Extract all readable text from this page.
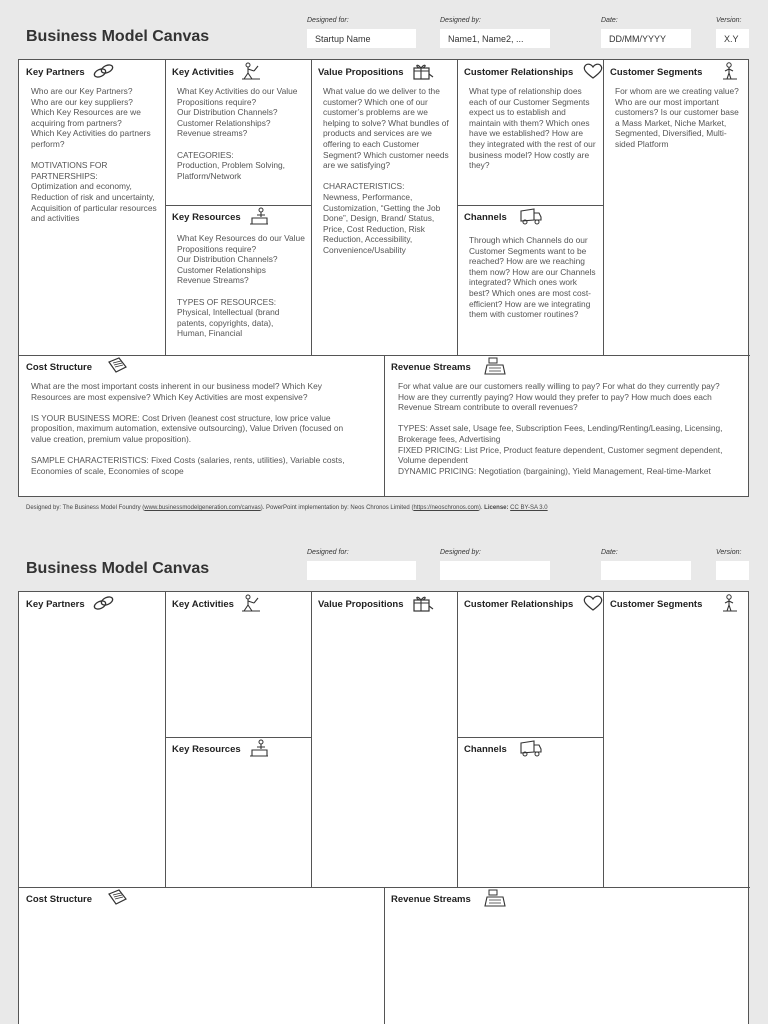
Business Model Canvas
Designed for:
Startup Name
Designed by:
Name1, Name2, ...
Date:
DD/MM/YYYY
Version:
X.Y
Key Partners
Who are our Key Partners?
Who are our key suppliers?
Which Key Resources are we acquiring from partners?
Which Key Activities do partners perform?

MOTIVATIONS FOR PARTNERSHIPS:
Optimization and economy, Reduction of risk and uncertainty, Acquisition of particular resources and activities
Key Activities
What Key Activities do our Value Propositions require?
Our Distribution Channels?
Customer Relationships?
Revenue streams?

CATEGORIES:
Production, Problem Solving, Platform/Network
Key Resources
What Key Resources do our Value Propositions require?
Our Distribution Channels?
Customer Relationships
Revenue Streams?

TYPES OF RESOURCES:
Physical, Intellectual (brand patents, copyrights, data), Human, Financial
Value Propositions
What value do we deliver to the customer? Which one of our customer’s problems are we helping to solve? What bundles of products and services are we offering to each Customer Segment? Which customer needs are we satisfying?

CHARACTERISTICS:
Newness, Performance, Customization, “Getting the Job Done”, Design, Brand/ Status, Price, Cost Reduction, Risk Reduction, Accessibility, Convenience/Usability
Customer Relationships
What type of relationship does each of our Customer Segments expect us to establish and maintain with them? Which ones have we established? How are they integrated with the rest of our business model? How costly are they?
Channels
Through which Channels do our Customer Segments want to be reached? How are we reaching them now? How are our Channels integrated? Which ones work best? Which ones are most cost-efficient? How are we integrating them with customer routines?
Customer Segments
For whom are we creating value? Who are our most important customers? Is our customer base a Mass Market, Niche Market, Segmented, Diversified, Multi-sided Platform
Cost Structure
What are the most important costs inherent in our business model? Which Key Resources are most expensive? Which Key Activities are most expensive?

IS YOUR BUSINESS MORE: Cost Driven (leanest cost structure, low price value proposition, maximum automation, extensive outsourcing), Value Driven (focused on value creation, premium value proposition).

SAMPLE CHARACTERISTICS: Fixed Costs (salaries, rents, utilities), Variable costs, Economies of scale, Economies of scope
Revenue Streams
For what value are our customers really willing to pay? For what do they currently pay? How are they currently paying? How would they prefer to pay? How much does each Revenue Stream contribute to overall revenues?

TYPES: Asset sale, Usage fee, Subscription Fees, Lending/Renting/Leasing, Licensing, Brokerage fees, Advertising
FIXED PRICING: List Price, Product feature dependent, Customer segment dependent, Volume dependent
DYNAMIC PRICING: Negotiation (bargaining), Yield Management, Real-time-Market
Designed by: The Business Model Foundry (www.businessmodelgeneration.com/canvas). PowerPoint implementation by: Neos Chronos Limited (https://neoschronos.com). License: CC BY-SA 3.0
Business Model Canvas
Designed for:	Designed by:	Date:	Version:
Key Partners	Key Activities
Key Resources
Value Propositions	Customer Relationships
Channels
Customer Segments
Cost Structure	Revenue Streams
